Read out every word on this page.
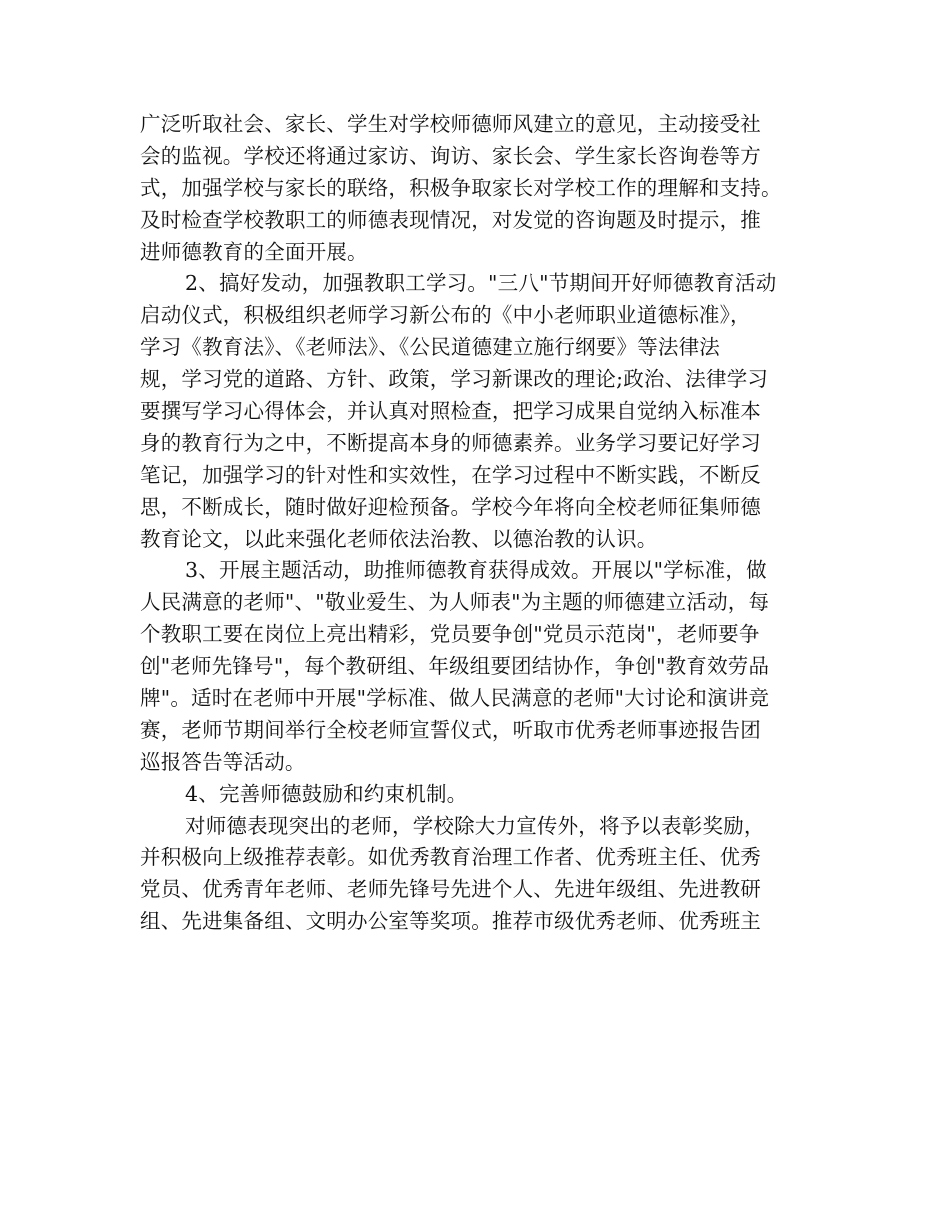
广泛听取社会、家长、学生对学校师德师风建立的意见，主动接受社
会的监视。学校还将通过家访、询访、家长会、学生家长咨询卷等方
式，加强学校与家长的联络，积极争取家长对学校工作的理解和支持。
及时检查学校教职工的师德表现情况，对发觉的咨询题及时提示，推
进师德教育的全面开展。
2、搞好发动，加强教职工学习。"三八"节期间开好师德教育活动
启动仪式，积极组织老师学习新公布的《中小老师职业道德标准》，
学习《教育法》、《老师法》、《公民道德建立施行纲要》等法律法
规，学习党的道路、方针、政策，学习新课改的理论;政治、法律学习
要撰写学习心得体会，并认真对照检查，把学习成果自觉纳入标准本
身的教育行为之中，不断提高本身的师德素养。业务学习要记好学习
笔记，加强学习的针对性和实效性，在学习过程中不断实践，不断反
思，不断成长，随时做好迎检预备。学校今年将向全校老师征集师德
教育论文，以此来强化老师依法治教、以德治教的认识。
3、开展主题活动，助推师德教育获得成效。开展以"学标准，做
人民满意的老师"、"敬业爱生、为人师表"为主题的师德建立活动，每
个教职工要在岗位上亮出精彩，党员要争创"党员示范岗"，老师要争
创"老师先锋号"，每个教研组、年级组要团结协作，争创"教育效劳品
牌"。适时在老师中开展"学标准、做人民满意的老师"大讨论和演讲竞
赛，老师节期间举行全校老师宣誓仪式，听取市优秀老师事迹报告团
巡报答告等活动。
4、完善师德鼓励和约束机制。
对师德表现突出的老师，学校除大力宣传外，将予以表彰奖励，
并积极向上级推荐表彰。如优秀教育治理工作者、优秀班主任、优秀
党员、优秀青年老师、老师先锋号先进个人、先进年级组、先进教研
组、先进集备组、文明办公室等奖项。推荐市级优秀老师、优秀班主
